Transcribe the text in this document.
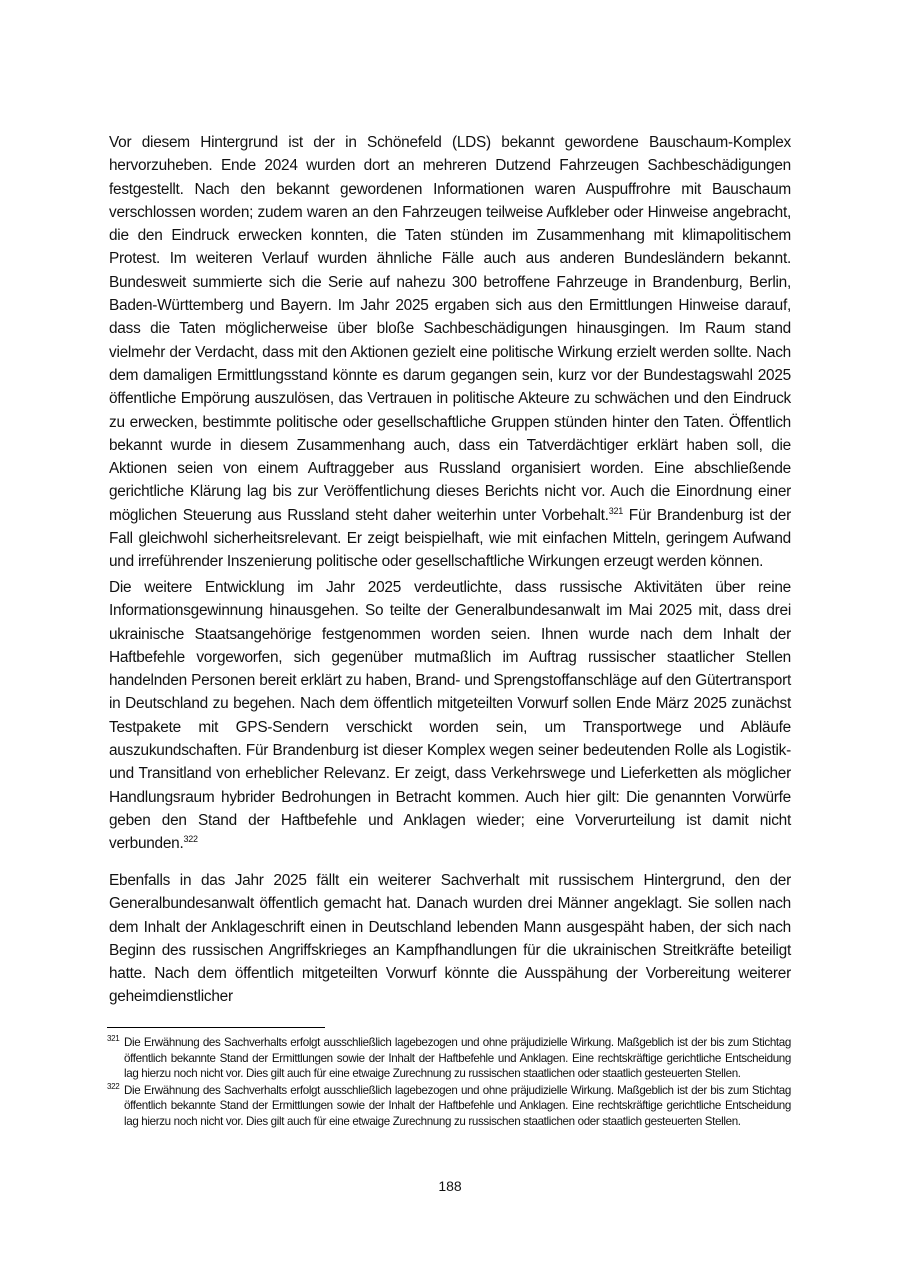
Vor diesem Hintergrund ist der in Schönefeld (LDS) bekannt gewordene Bauschaum-Komplex hervorzuheben. Ende 2024 wurden dort an mehreren Dutzend Fahrzeugen Sachbeschädigungen festgestellt. Nach den bekannt gewordenen Informationen waren Auspuffrohre mit Bauschaum verschlossen worden; zudem waren an den Fahrzeugen teilweise Aufkleber oder Hinweise angebracht, die den Eindruck erwecken konnten, die Taten stünden im Zusammenhang mit klimapolitischem Protest. Im weiteren Verlauf wurden ähnliche Fälle auch aus anderen Bundesländern bekannt. Bundesweit summierte sich die Serie auf nahezu 300 betroffene Fahrzeuge in Brandenburg, Berlin, Baden-Württemberg und Bayern. Im Jahr 2025 ergaben sich aus den Ermittlungen Hinweise darauf, dass die Taten möglicherweise über bloße Sachbeschädigungen hinausgingen. Im Raum stand vielmehr der Verdacht, dass mit den Aktionen gezielt eine politische Wirkung erzielt werden sollte. Nach dem damaligen Ermittlungsstand könnte es darum gegangen sein, kurz vor der Bundestagswahl 2025 öffentliche Empörung auszulösen, das Vertrauen in politische Akteure zu schwächen und den Eindruck zu erwecken, bestimmte politische oder gesellschaftliche Gruppen stünden hinter den Taten. Öffentlich bekannt wurde in diesem Zusammenhang auch, dass ein Tatverdächtiger erklärt haben soll, die Aktionen seien von einem Auftraggeber aus Russland organisiert worden. Eine abschließende gerichtliche Klärung lag bis zur Veröffentlichung dieses Berichts nicht vor. Auch die Einordnung einer möglichen Steuerung aus Russland steht daher weiterhin unter Vorbehalt.$^{321}$ Für Brandenburg ist der Fall gleichwohl sicherheitsrelevant. Er zeigt beispielhaft, wie mit einfachen Mitteln, geringem Aufwand und irreführender Inszenierung politische oder gesellschaftliche Wirkungen erzeugt werden können.

Die weitere Entwicklung im Jahr 2025 verdeutlichte, dass russische Aktivitäten über reine Informationsgewinnung hinausgehen. So teilte der Generalbundesanwalt im Mai 2025 mit, dass drei ukrainische Staatsangehörige festgenommen worden seien. Ihnen wurde nach dem Inhalt der Haftbefehle vorgeworfen, sich gegenüber mutmaßlich im Auftrag russischer staatlicher Stellen handelnden Personen bereit erklärt zu haben, Brand- und Sprengstoffanschläge auf den Gütertransport in Deutschland zu begehen. Nach dem öffentlich mitgeteilten Vorwurf sollen Ende März 2025 zunächst Testpakete mit GPS-Sendern verschickt worden sein, um Transportwege und Abläufe auszukundschaften. Für Brandenburg ist dieser Komplex wegen seiner bedeutenden Rolle als Logistik- und Transitland von erheblicher Relevanz. Er zeigt, dass Verkehrswege und Lieferketten als möglicher Handlungsraum hybrider Bedrohungen in Betracht kommen. Auch hier gilt: Die genannten Vorwürfe geben den Stand der Haftbefehle und Anklagen wieder; eine Vorverurteilung ist damit nicht verbunden.$^{322}$

Ebenfalls in das Jahr 2025 fällt ein weiterer Sachverhalt mit russischem Hintergrund, den der Generalbundesanwalt öffentlich gemacht hat. Danach wurden drei Männer angeklagt. Sie sollen nach dem Inhalt der Anklageschrift einen in Deutschland lebenden Mann ausgespäht haben, der sich nach Beginn des russischen Angriffskrieges an Kampfhandlungen für die ukrainischen Streitkräfte beteiligt hatte. Nach dem öffentlich mitgeteilten Vorwurf könnte die Ausspähung der Vorbereitung weiterer geheimdienstlicher

321 Die Erwähnung des Sachverhalts erfolgt ausschließlich lagebezogen und ohne präjudizielle Wirkung. Maßgeblich ist der bis zum Stichtag öffentlich bekannte Stand der Ermittlungen sowie der Inhalt der Haftbefehle und Anklagen. Eine rechtskräftige gerichtliche Entscheidung lag hierzu noch nicht vor. Dies gilt auch für eine etwaige Zurechnung zu russischen staatlichen oder staatlich gesteuerten Stellen.

322 Die Erwähnung des Sachverhalts erfolgt ausschließlich lagebezogen und ohne präjudizielle Wirkung. Maßgeblich ist der bis zum Stichtag öffentlich bekannte Stand der Ermittlungen sowie der Inhalt der Haftbefehle und Anklagen. Eine rechtskräftige gerichtliche Entscheidung lag hierzu noch nicht vor. Dies gilt auch für eine etwaige Zurechnung zu russischen staatlichen oder staatlich gesteuerten Stellen.

188
